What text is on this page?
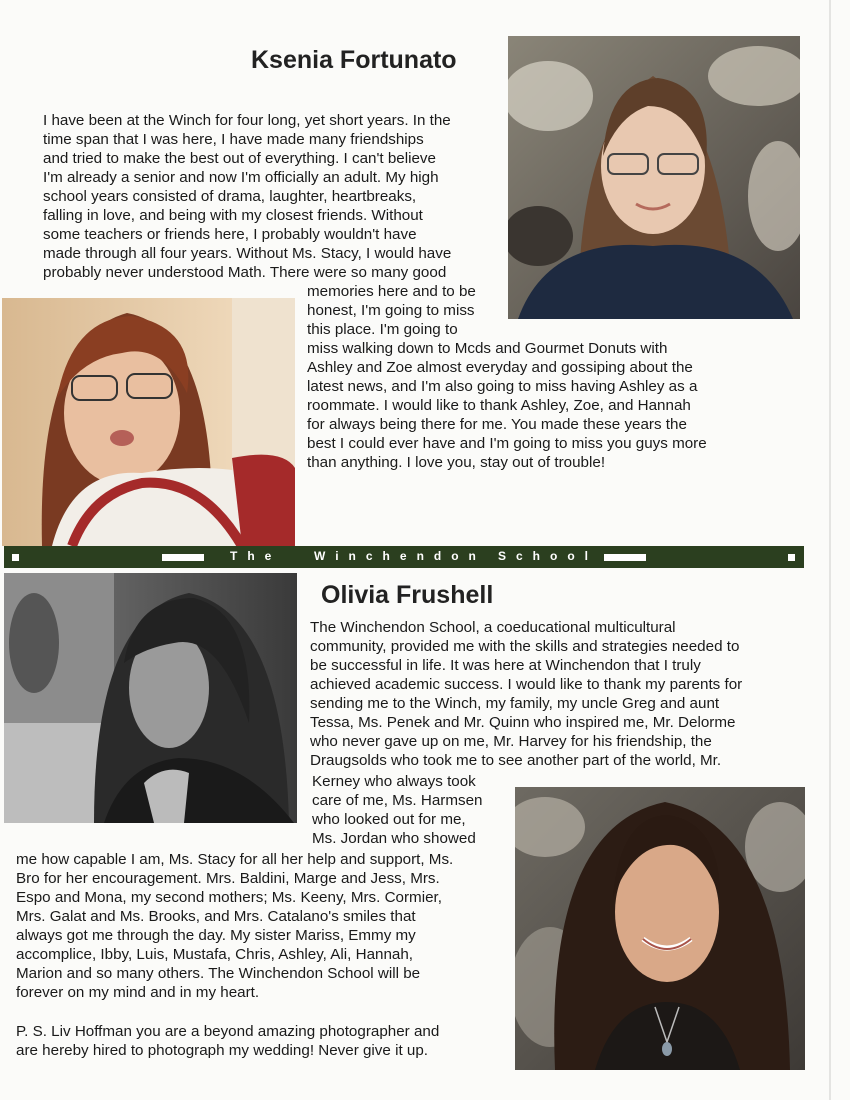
Ksenia Fortunato
I have been at the Winch for four long, yet short years. In the
time span that I was here, I have made many friendships
and tried to make the best out of everything. I can't believe
I'm already a senior and now I'm officially an adult. My high
school years consisted of drama, laughter, heartbreaks,
falling in love, and being with my closest friends. Without
some teachers or friends here, I probably wouldn't have
made through all four years. Without Ms. Stacy, I would have
probably never understood Math. There were so many good
memories here and to be
honest, I'm going to miss
this place. I'm going to
miss walking down to Mcds and Gourmet Donuts with
Ashley and Zoe almost everyday and gossiping about the
latest news, and I'm also going to miss having Ashley as a
roommate. I would like to thank Ashley, Zoe, and Hannah
for always being there for me. You made these years the
best I could ever have and I'm going to miss you guys more
than anything. I love you, stay out of trouble!
The	Winchendon School
Olivia Frushell
The Winchendon School, a coeducational multicultural
community, provided me with the skills and strategies needed to
be successful in life. It was here at Winchendon that I truly
achieved academic success. I would like to thank my parents for
sending me to the Winch, my family, my uncle Greg and aunt
Tessa, Ms. Penek and Mr. Quinn who inspired me, Mr. Delorme
who never gave up on me, Mr. Harvey for his friendship, the
Draugsolds who took me to see another part of the world, Mr.
Kerney who always took
care of me, Ms. Harmsen
who looked out for me,
Ms. Jordan who showed
me how capable I am, Ms. Stacy for all her help and support, Ms.
Bro for her encouragement. Mrs. Baldini, Marge and Jess, Mrs.
Espo and Mona, my second mothers; Ms. Keeny, Mrs. Cormier,
Mrs. Galat and Ms. Brooks, and Mrs. Catalano's smiles that
always got me through the day. My sister Mariss, Emmy my
accomplice, Ibby, Luis, Mustafa, Chris, Ashley, Ali, Hannah,
Marion and so many others. The Winchendon School will be
forever on my mind and in my heart.
P. S. Liv Hoffman you are a beyond amazing photographer and
are hereby hired to photograph my wedding! Never give it up.
